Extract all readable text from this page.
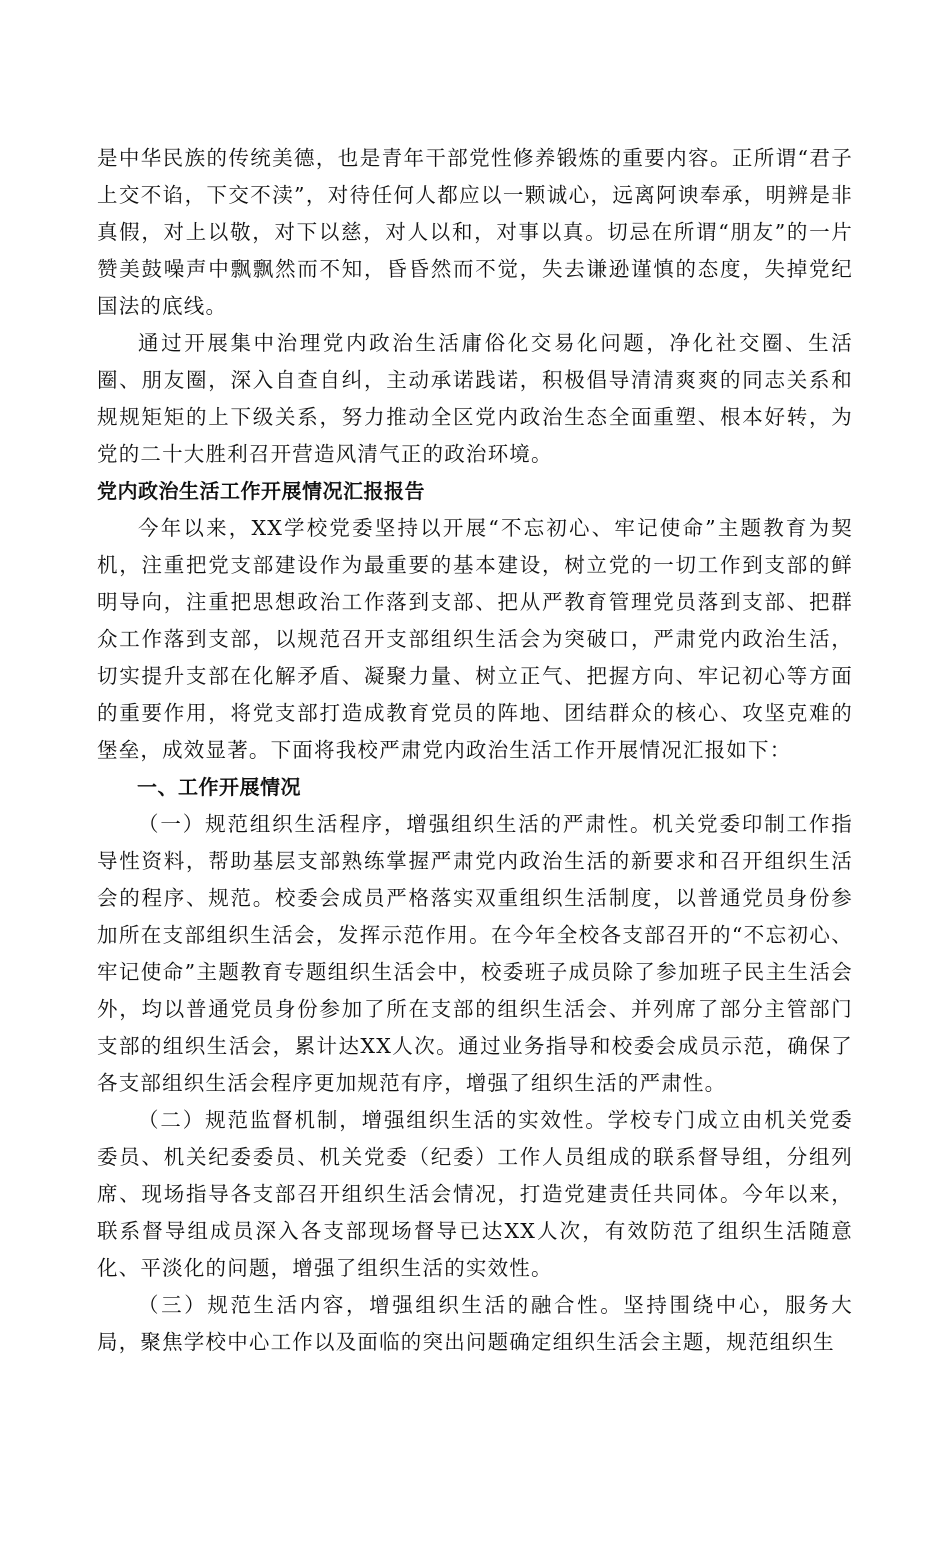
是中华民族的传统美德，也是青年干部党性修养锻炼的重要内容。正所谓“君子上交不谄，下交不渎”，对待任何人都应以一颗诚心，远离阿谀奉承，明辨是非真假，对上以敬，对下以慈，对人以和，对事以真。切忌在所谓“朋友”的一片赞美鼓噪声中飘飘然而不知，昏昏然而不觉，失去谦逊谨慎的态度，失掉党纪国法的底线。

通过开展集中治理党内政治生活庸俗化交易化问题，净化社交圈、生活圈、朋友圈，深入自查自纠，主动承诺践诺，积极倡导清清爽爽的同志关系和规规矩矩的上下级关系，努力推动全区党内政治生态全面重塑、根本好转，为党的二十大胜利召开营造风清气正的政治环境。

党内政治生活工作开展情况汇报报告

今年以来，XX学校党委坚持以开展“不忘初心、牢记使命”主题教育为契机，注重把党支部建设作为最重要的基本建设，树立党的一切工作到支部的鲜明导向，注重把思想政治工作落到支部、把从严教育管理党员落到支部、把群众工作落到支部，以规范召开支部组织生活会为突破口，严肃党内政治生活，切实提升支部在化解矛盾、凝聚力量、树立正气、把握方向、牢记初心等方面的重要作用，将党支部打造成教育党员的阵地、团结群众的核心、攻坚克难的堡垒，成效显著。下面将我校严肃党内政治生活工作开展情况汇报如下：

一、工作开展情况

（一）规范组织生活程序，增强组织生活的严肃性。机关党委印制工作指导性资料，帮助基层支部熟练掌握严肃党内政治生活的新要求和召开组织生活会的程序、规范。校委会成员严格落实双重组织生活制度，以普通党员身份参加所在支部组织生活会，发挥示范作用。在今年全校各支部召开的“不忘初心、牢记使命”主题教育专题组织生活会中，校委班子成员除了参加班子民主生活会外，均以普通党员身份参加了所在支部的组织生活会、并列席了部分主管部门支部的组织生活会，累计达XX人次。通过业务指导和校委会成员示范，确保了各支部组织生活会程序更加规范有序，增强了组织生活的严肃性。

（二）规范监督机制，增强组织生活的实效性。学校专门成立由机关党委委员、机关纪委委员、机关党委（纪委）工作人员组成的联系督导组，分组列席、现场指导各支部召开组织生活会情况，打造党建责任共同体。今年以来，联系督导组成员深入各支部现场督导已达XX人次，有效防范了组织生活随意化、平淡化的问题，增强了组织生活的实效性。

（三）规范生活内容，增强组织生活的融合性。坚持围绕中心，服务大局，聚焦学校中心工作以及面临的突出问题确定组织生活会主题，规范组织生
